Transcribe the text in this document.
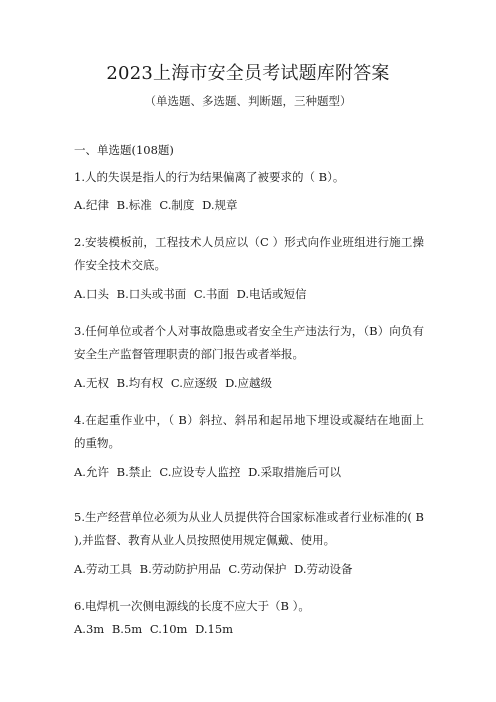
2023上海市安全员考试题库附答案
（单选题、多选题、判断题，三种题型）
一、单选题(108题)
1.人的失误是指人的行为结果偏离了被要求的（ B）。
A.纪律 B.标准 C.制度 D.规章
2.安装模板前，工程技术人员应以（C ）形式向作业班组进行施工操作安全技术交底。
A.口头 B.口头或书面 C.书面 D.电话或短信
3.任何单位或者个人对事故隐患或者安全生产违法行为，（B）向负有安全生产监督管理职责的部门报告或者举报。
A.无权 B.均有权 C.应逐级 D.应越级
4.在起重作业中，（ B）斜拉、斜吊和起吊地下埋设或凝结在地面上的重物。
A.允许 B.禁止 C.应设专人监控 D.采取措施后可以
5.生产经营单位必须为从业人员提供符合国家标准或者行业标准的( B ),并监督、教育从业人员按照使用规定佩戴、使用。
A.劳动工具 B.劳动防护用品 C.劳动保护 D.劳动设备
6.电焊机一次侧电源线的长度不应大于（B ）。
A.3m B.5m C.10m D.15m
